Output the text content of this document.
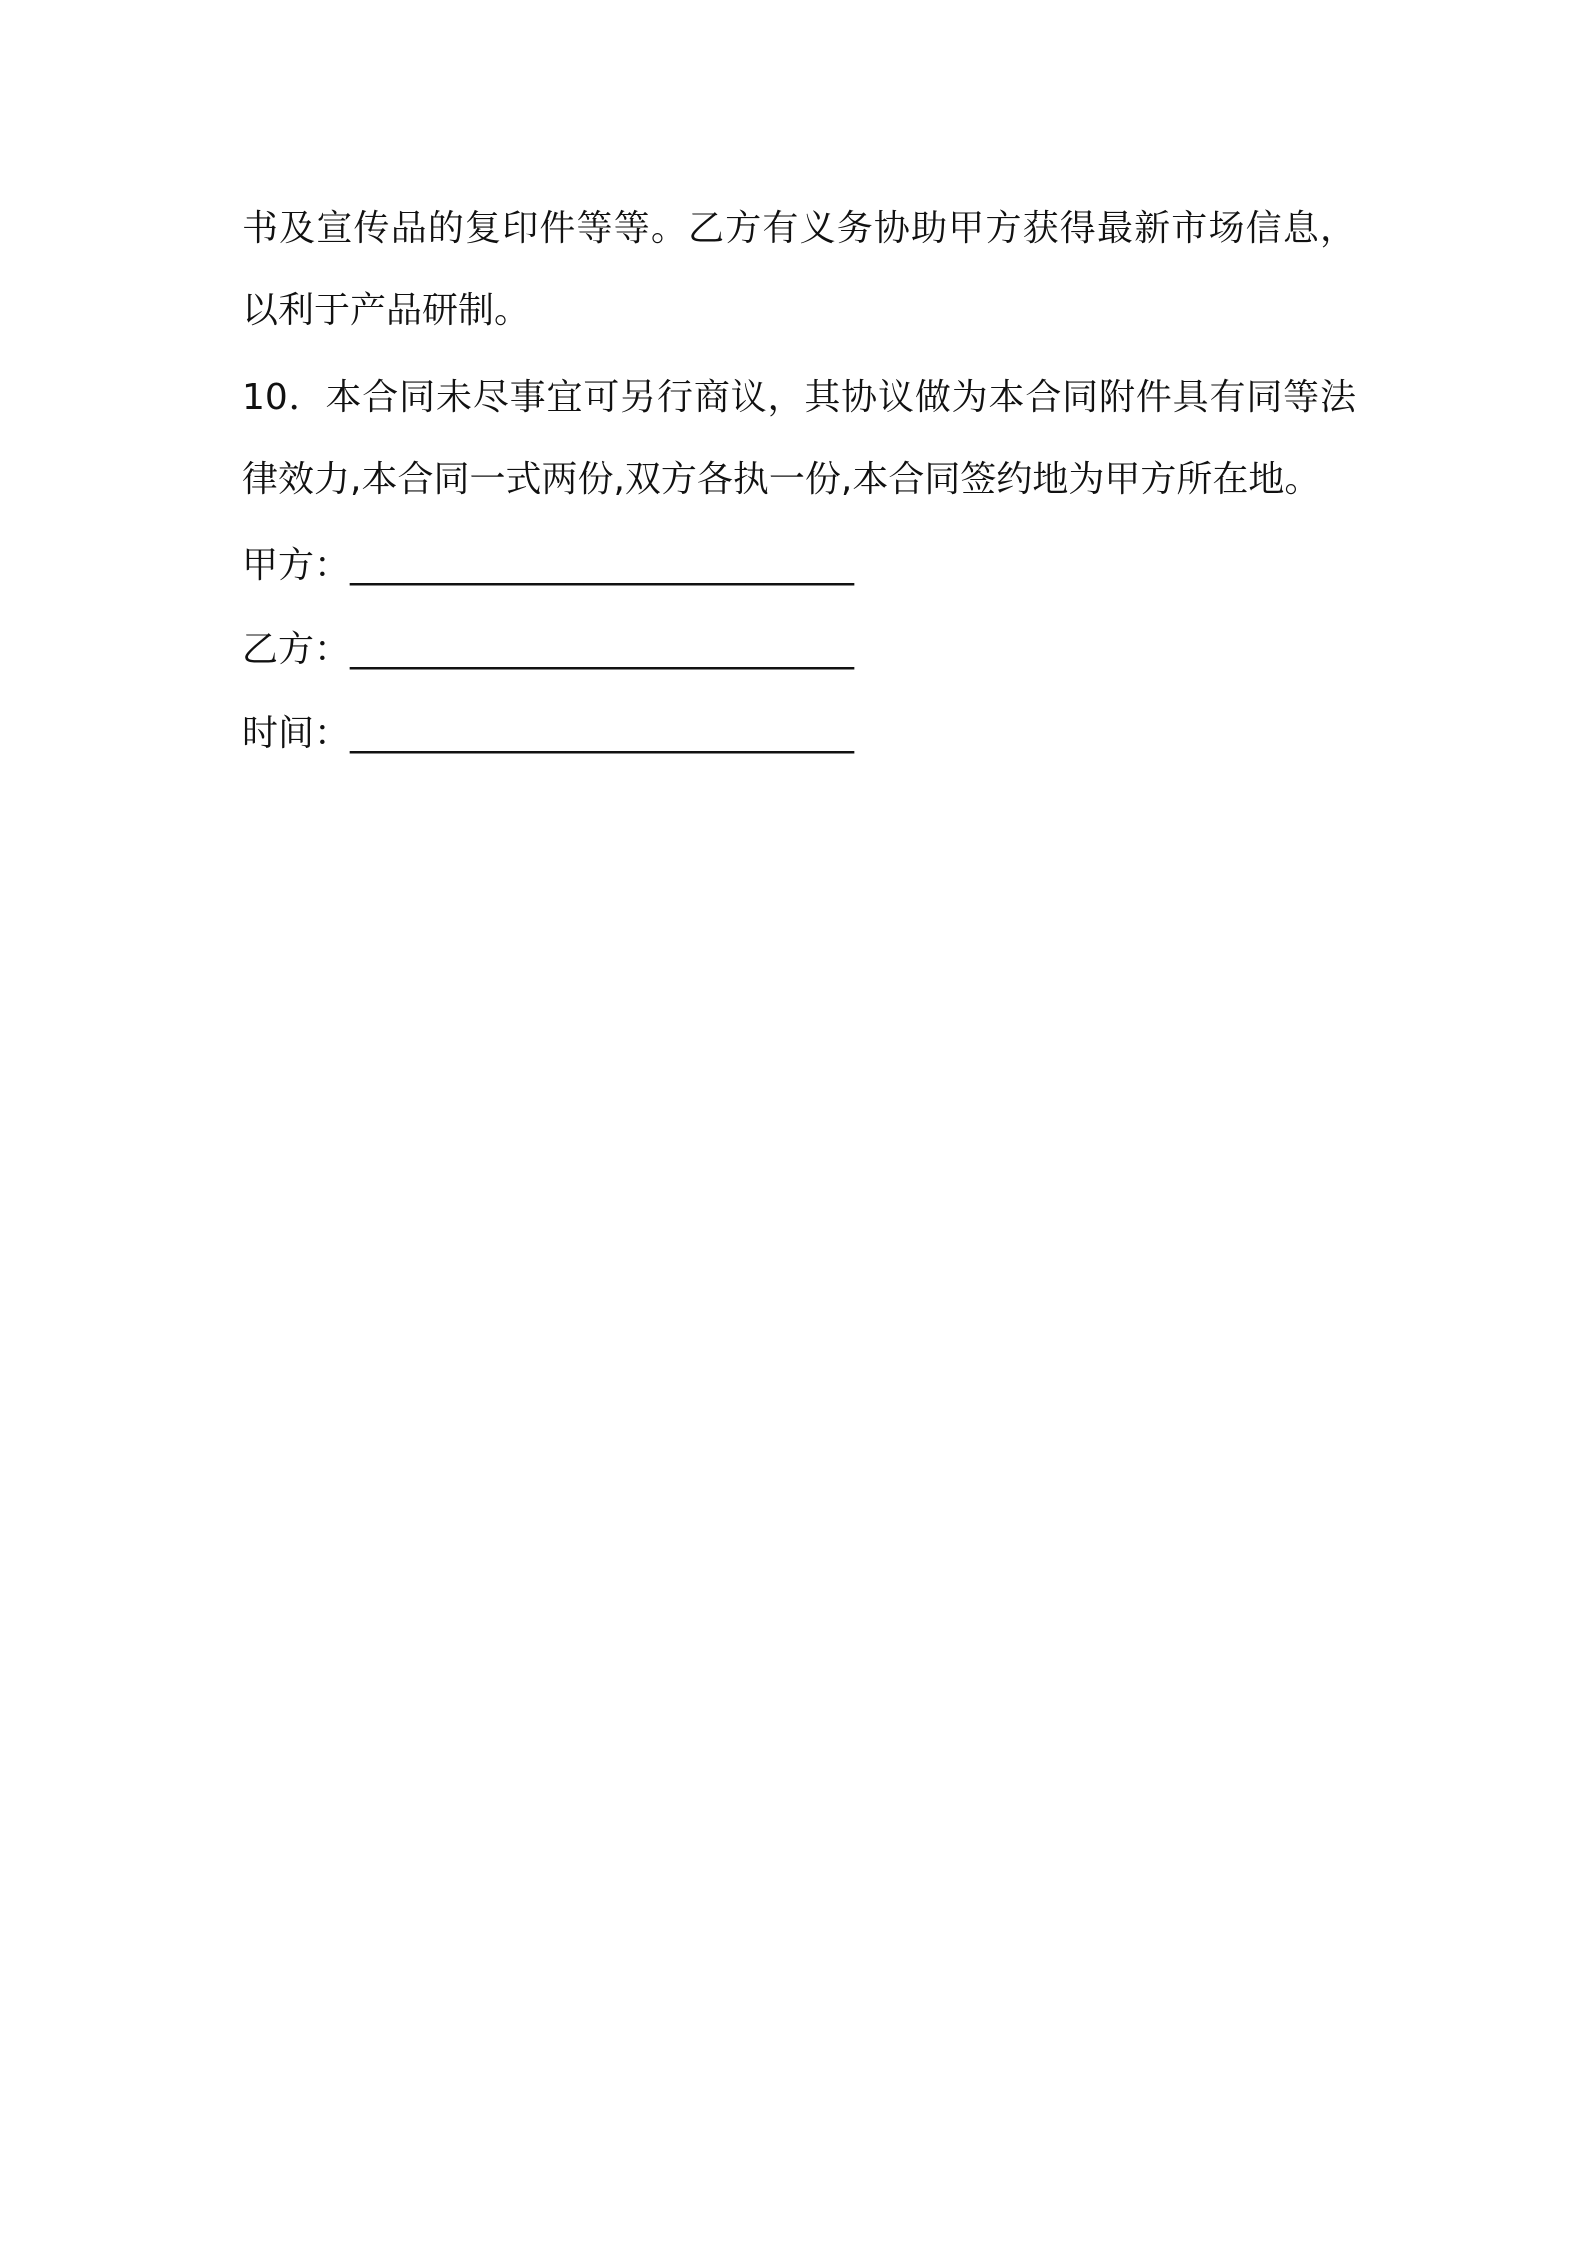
书及宣传品的复印件等等。乙方有义务协助甲方获得最新市场信息，
以利于产品研制。
10．本合同未尽事宜可另行商议，其协议做为本合同附件具有同等法
律效力,本合同一式两份,双方各执一份,本合同签约地为甲方所在地。
甲方：____________________________
乙方：____________________________
时间：____________________________
